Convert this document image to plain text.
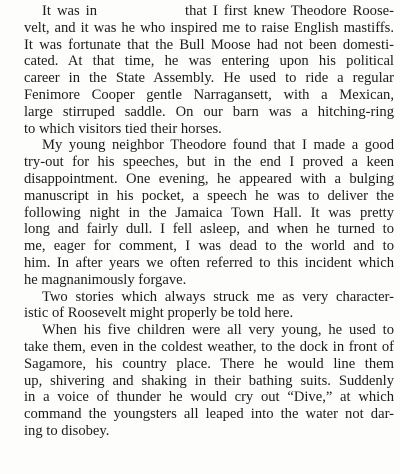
It was in	that I first knew Theodore Roose-
velt, and it was he who inspired me to raise English mastiffs.
It was fortunate that the Bull Moose had not been domesti-
cated. At that time, he was entering upon his political
career in the State Assembly. He used to ride a regular
Fenimore Cooper gentle Narragansett, with a Mexican,
large stirruped saddle. On our barn was a hitching-ring
to which visitors tied their horses.
My young neighbor Theodore found that I made a good
try-out for his speeches, but in the end I proved a keen
disappointment. One evening, he appeared with a bulging
manuscript in his pocket, a speech he was to deliver the
following night in the Jamaica Town Hall. It was pretty
long and fairly dull. I fell asleep, and when he turned to
me, eager for comment, I was dead to the world and to
him. In after years we often referred to this incident which
he magnanimously forgave.
Two stories which always struck me as very character-
istic of Roosevelt might properly be told here.
When his five children were all very young, he used to
take them, even in the coldest weather, to the dock in front of
Sagamore, his country place. There he would line them
up, shivering and shaking in their bathing suits. Suddenly
in a voice of thunder he would cry out “Dive,” at which
command the youngsters all leaped into the water not dar-
ing to disobey.
